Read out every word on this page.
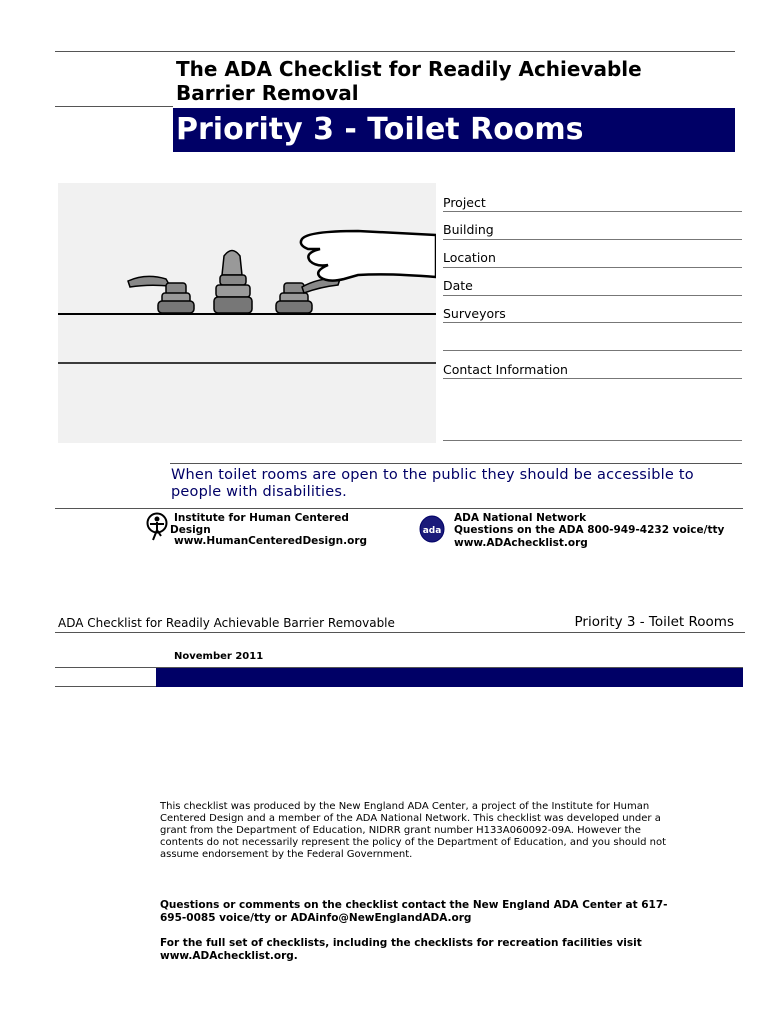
The ADA Checklist for Readily Achievable
Barrier Removal
Priority 3 - Toilet Rooms
Project
Building
Location
Date
Surveyors
Contact Information
When toilet rooms are open to the public they should be accessible to people with disabilities.
Institute for Human Centered
Design
www.HumanCenteredDesign.org
ada
ADA National Network
Questions on the ADA 800-949-4232 voice/tty
www.ADAchecklist.org
ADA Checklist for Readily Achievable Barrier Removable	Priority 3 - Toilet Rooms
November 2011
This checklist was produced by the New England ADA Center, a project of the Institute for Human Centered Design and a member of the ADA National Network. This checklist was developed under a grant from the Department of Education, NIDRR grant number H133A060092-09A. However the contents do not necessarily represent the policy of the Department of Education, and you should not assume endorsement by the Federal Government.
Questions or comments on the checklist contact the New England ADA Center at 617-695-0085 voice/tty or ADAinfo@NewEnglandADA.org
For the full set of checklists, including the checklists for recreation facilities visit www.ADAchecklist.org.
